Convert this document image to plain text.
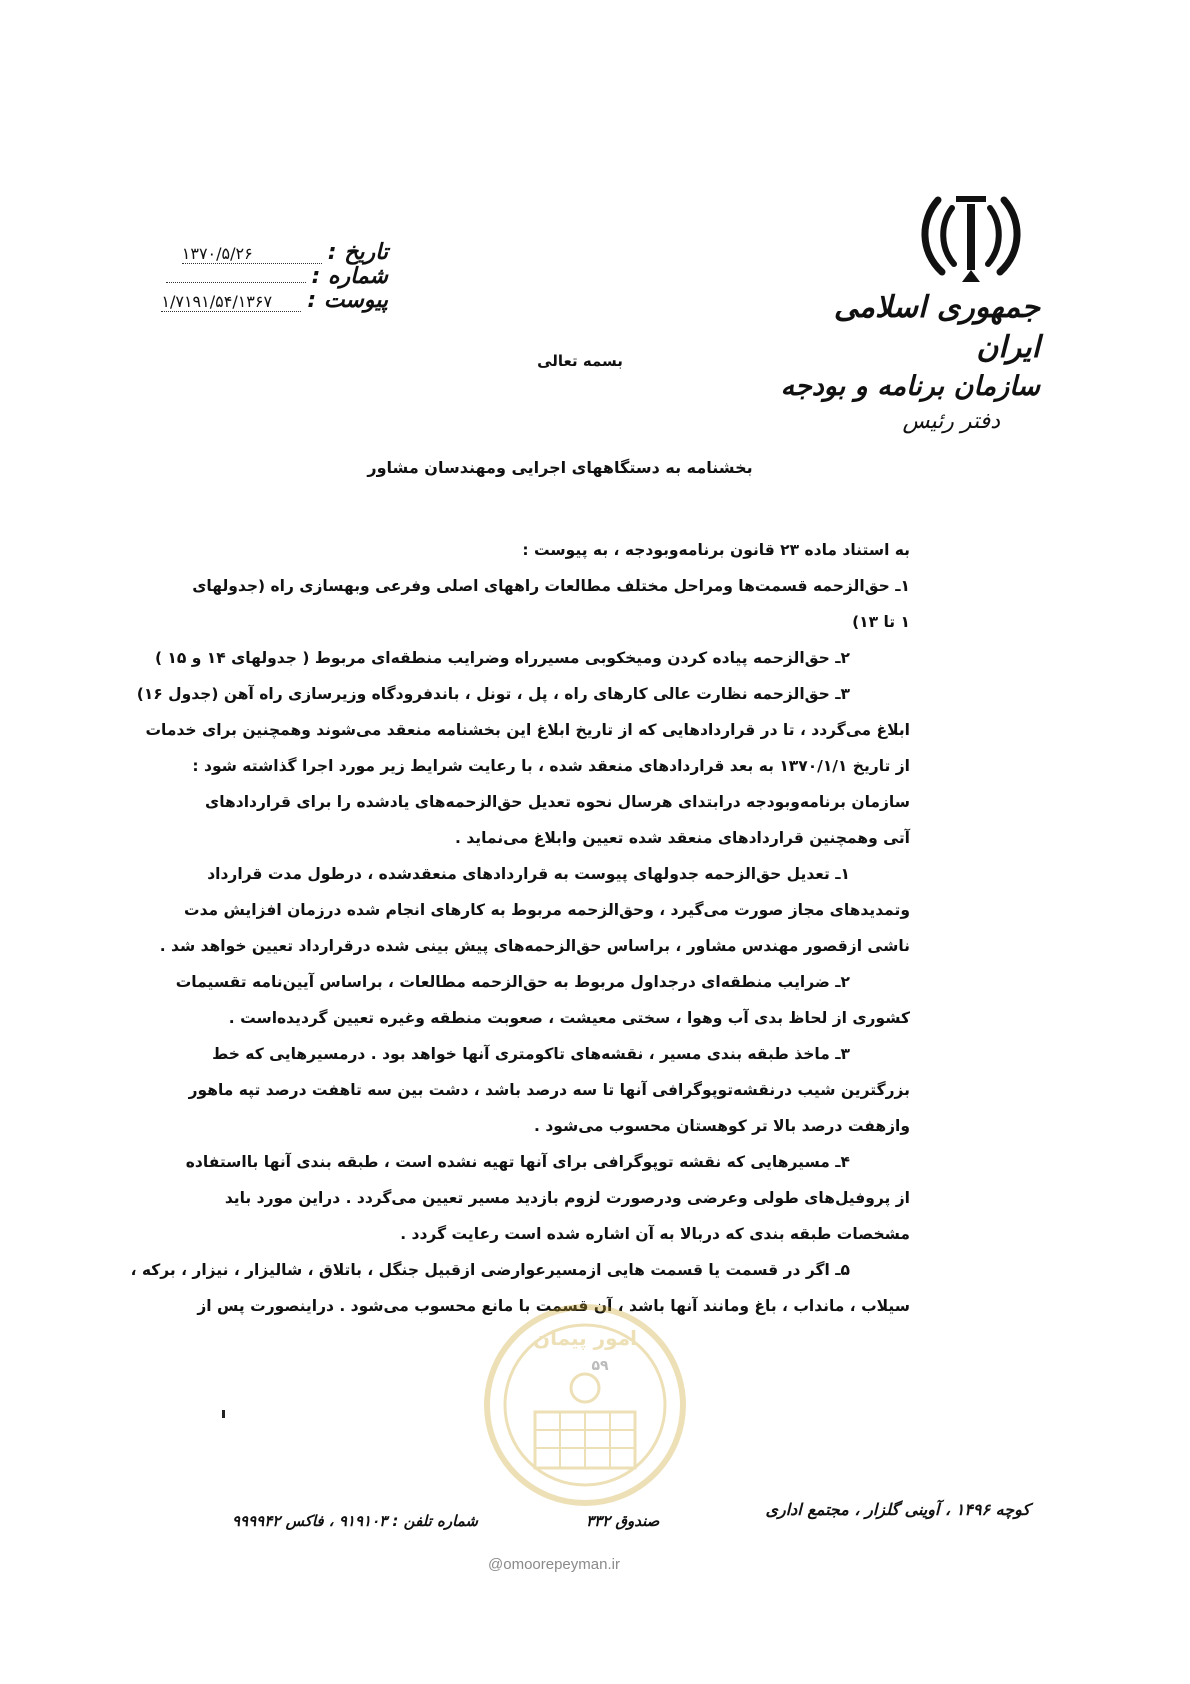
جمهوری اسلامی ایران
سازمان برنامه و بودجه
دفتر رئیس
تاریخ :
۱۳۷۰/۵/۲۶
شماره :
پیوست :
۱/۷۱۹۱/۵۴/۱۳۶۷
بسمه تعالی
بخشنامه به دستگاههای اجرایی ومهندسان مشاور
به استناد ماده ۲۳ قانون برنامه‌وبودجه ، به پیوست :
۱ـ حق‌الزحمه قسمت‌ها ومراحل مختلف مطالعات راههای اصلی وفرعی وبهسازی راه (جدولهای
۱ تا ۱۳)
۲ـ حق‌الزحمه پیاده کردن ومیخکوبی مسیرراه وضرایب منطقه‌ای مربوط ( جدولهای ۱۴ و ۱۵ )
۳ـ حق‌الزحمه نظارت عالی کارهای راه ، پل ، تونل ، باندفرودگاه وزیرسازی راه آهن (جدول ۱۶)
ابلاغ می‌گردد ، تا در قراردادهایی که از تاریخ ابلاغ این بخشنامه منعقد می‌شوند وهمچنین برای خدمات
از تاریخ ۱۳۷۰/۱/۱ به بعد قراردادهای منعقد شده ، با رعایت شرایط زیر مورد اجرا گذاشته شود :
سازمان برنامه‌وبودجه درابتدای هرسال نحوه تعدیل حق‌الزحمه‌های یادشده را برای قراردادهای
آتی وهمچنین قراردادهای منعقد شده تعیین وابلاغ می‌نماید .
۱ـ تعدیل حق‌الزحمه جدولهای پیوست به قراردادهای منعقدشده ، درطول مدت قرارداد
وتمدیدهای مجاز صورت می‌گیرد ، وحق‌الزحمه مربوط به کارهای انجام شده درزمان افزایش مدت
ناشی ازقصور مهندس مشاور ، براساس حق‌الزحمه‌های پیش بینی شده درقرارداد تعیین خواهد شد .
۲ـ ضرایب منطقه‌ای درجداول مربوط به حق‌الزحمه مطالعات ، براساس آیین‌نامه تقسیمات
کشوری از لحاظ بدی آب وهوا ، سختی معیشت ، صعوبت منطقه وغیره تعیین گردیده‌است .
۳ـ ماخذ طبقه بندی مسیر ، نقشه‌های تاکومتری آنها خواهد بود . درمسیرهایی که خط
بزرگترین شیب درنقشه‌توپوگرافی آنها تا سه درصد باشد ، دشت بین سه تاهفت درصد تپه ماهور
وازهفت درصد بالا تر کوهستان محسوب می‌شود .
۴ـ مسیرهایی که نقشه توپوگرافی برای آنها تهیه نشده است ، طبقه بندی آنها بااستفاده
از پروفیل‌های طولی وعرضی ودرصورت لزوم بازدید مسیر تعیین می‌گردد . دراین مورد باید
مشخصات طبقه بندی که دربالا به آن اشاره شده است رعایت گردد .
۵ـ اگر در قسمت یا قسمت هایی ازمسیرعوارضی ازقبیل جنگل ، باتلاق ، شالیزار ، نیزار ، برکه ،
سیلاب ، مانداب ، باغ ومانند آنها باشد ، آن قسمت با مانع محسوب می‌شود . دراینصورت پس از
امور پیمان
۵۹
کوچه ۱۴۹۶ ، آوینی گلزار ، مجتمع اداری
صندوق ۳۳۲
شماره تلفن : ۹۱۹۱۰۳ ، فاکس ۹۹۹۹۴۲
@omoorepeyman.ir
